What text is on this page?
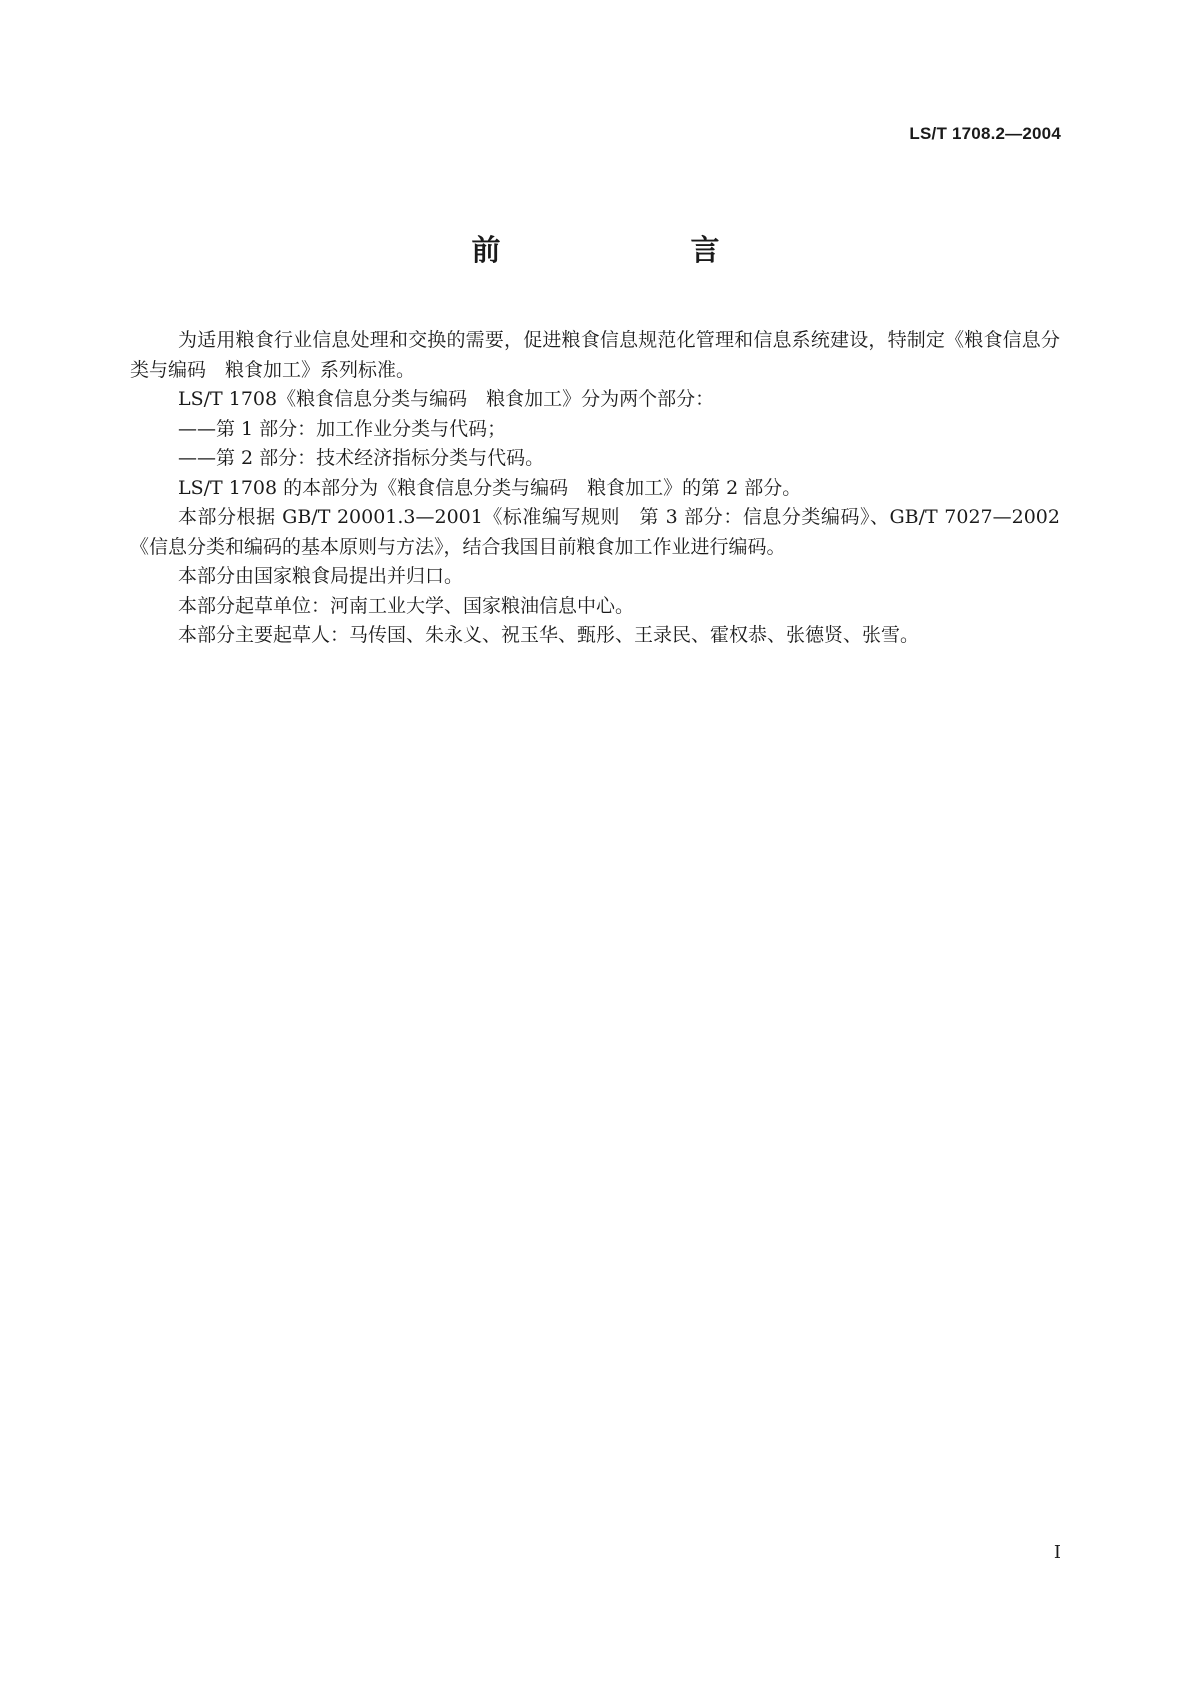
LS/T 1708.2—2004
前　　言

为适用粮食行业信息处理和交换的需要，促进粮食信息规范化管理和信息系统建设，特制定《粮食信息分类与编码　粮食加工》系列标准。

LS/T 1708《粮食信息分类与编码　粮食加工》分为两个部分：

——第 1 部分：加工作业分类与代码；

——第 2 部分：技术经济指标分类与代码。

LS/T 1708 的本部分为《粮食信息分类与编码　粮食加工》的第 2 部分。

本部分根据 GB/T 20001.3—2001《标准编写规则　第 3 部分：信息分类编码》、GB/T 7027—2002《信息分类和编码的基本原则与方法》，结合我国目前粮食加工作业进行编码。

本部分由国家粮食局提出并归口。

本部分起草单位：河南工业大学、国家粮油信息中心。

本部分主要起草人：马传国、朱永义、祝玉华、甄彤、王录民、霍权恭、张德贤、张雪。

I
